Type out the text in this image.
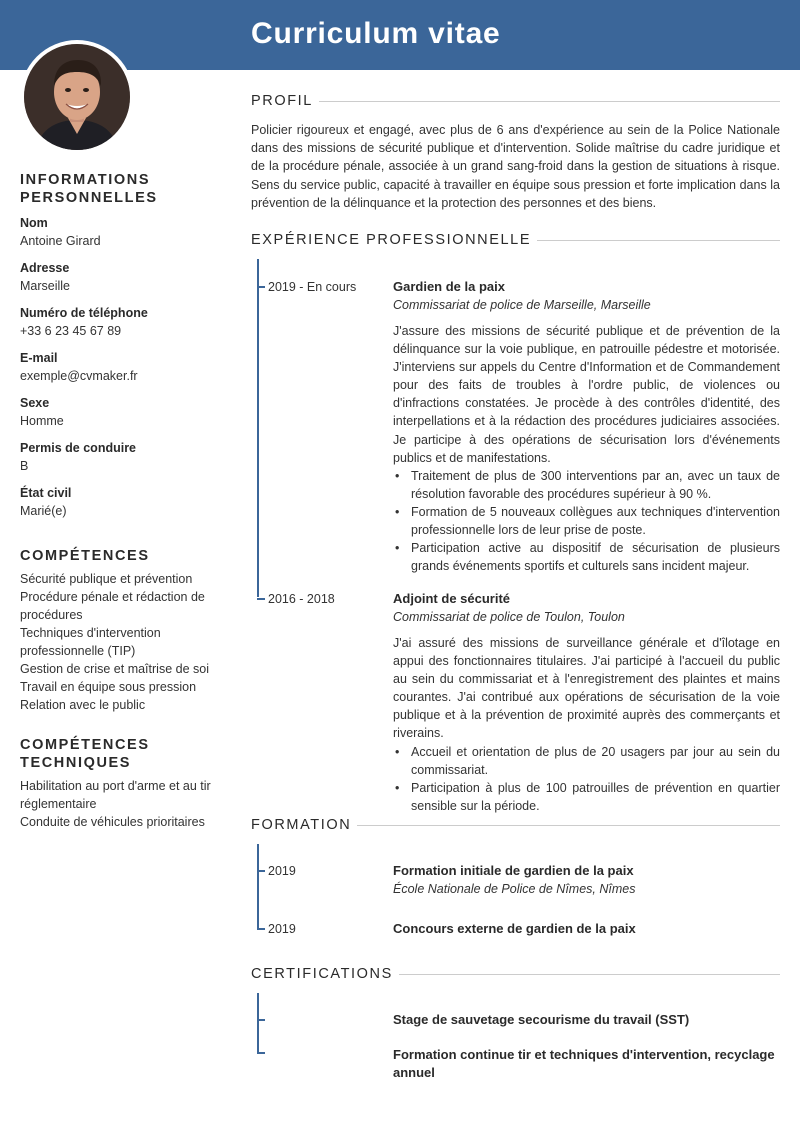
Curriculum vitae
INFORMATIONS PERSONNELLES
Nom
Antoine Girard
Adresse
Marseille
Numéro de téléphone
+33 6 23 45 67 89
E-mail
exemple@cvmaker.fr
Sexe
Homme
Permis de conduire
B
État civil
Marié(e)
COMPÉTENCES
Sécurité publique et prévention
Procédure pénale et rédaction de procédures
Techniques d'intervention professionnelle (TIP)
Gestion de crise et maîtrise de soi
Travail en équipe sous pression
Relation avec le public
COMPÉTENCES TECHNIQUES
Habilitation au port d'arme et au tir réglementaire
Conduite de véhicules prioritaires
PROFIL

Policier rigoureux et engagé, avec plus de 6 ans d'expérience au sein de la Police Nationale dans des missions de sécurité publique et d'intervention. Solide maîtrise du cadre juridique et de la procédure pénale, associée à un grand sang-froid dans la gestion de situations à risque. Sens du service public, capacité à travailler en équipe sous pression et forte implication dans la prévention de la délinquance et la protection des personnes et des biens.

EXPÉRIENCE PROFESSIONNELLE
2019 - En cours	Gardien de la paix
Commissariat de police de Marseille, Marseille

J'assure des missions de sécurité publique et de prévention de la délinquance sur la voie publique, en patrouille pédestre et motorisée. J'interviens sur appels du Centre d'Information et de Commandement pour des faits de troubles à l'ordre public, de violences ou d'infractions constatées. Je procède à des contrôles d'identité, des interpellations et à la rédaction des procédures judiciaires associées. Je participe à des opérations de sécurisation lors d'événements publics et de manifestations.

• Traitement de plus de 300 interventions par an, avec un taux de résolution favorable des procédures supérieur à 90 %.
• Formation de 5 nouveaux collègues aux techniques d'intervention professionnelle lors de leur prise de poste.
• Participation active au dispositif de sécurisation de plusieurs grands événements sportifs et culturels sans incident majeur.
2016 - 2018	Adjoint de sécurité
Commissariat de police de Toulon, Toulon

J'ai assuré des missions de surveillance générale et d'îlotage en appui des fonctionnaires titulaires. J'ai participé à l'accueil du public au sein du commissariat et à l'enregistrement des plaintes et mains courantes. J'ai contribué aux opérations de sécurisation de la voie publique et à la prévention de proximité auprès des commerçants et riverains.

• Accueil et orientation de plus de 20 usagers par jour au sein du commissariat.
• Participation à plus de 100 patrouilles de prévention en quartier sensible sur la période.
FORMATION
2019	Formation initiale de gardien de la paix
École Nationale de Police de Nîmes, Nîmes
2019	Concours externe de gardien de la paix
CERTIFICATIONS
Stage de sauvetage secourisme du travail (SST)
Formation continue tir et techniques d'intervention, recyclage annuel
